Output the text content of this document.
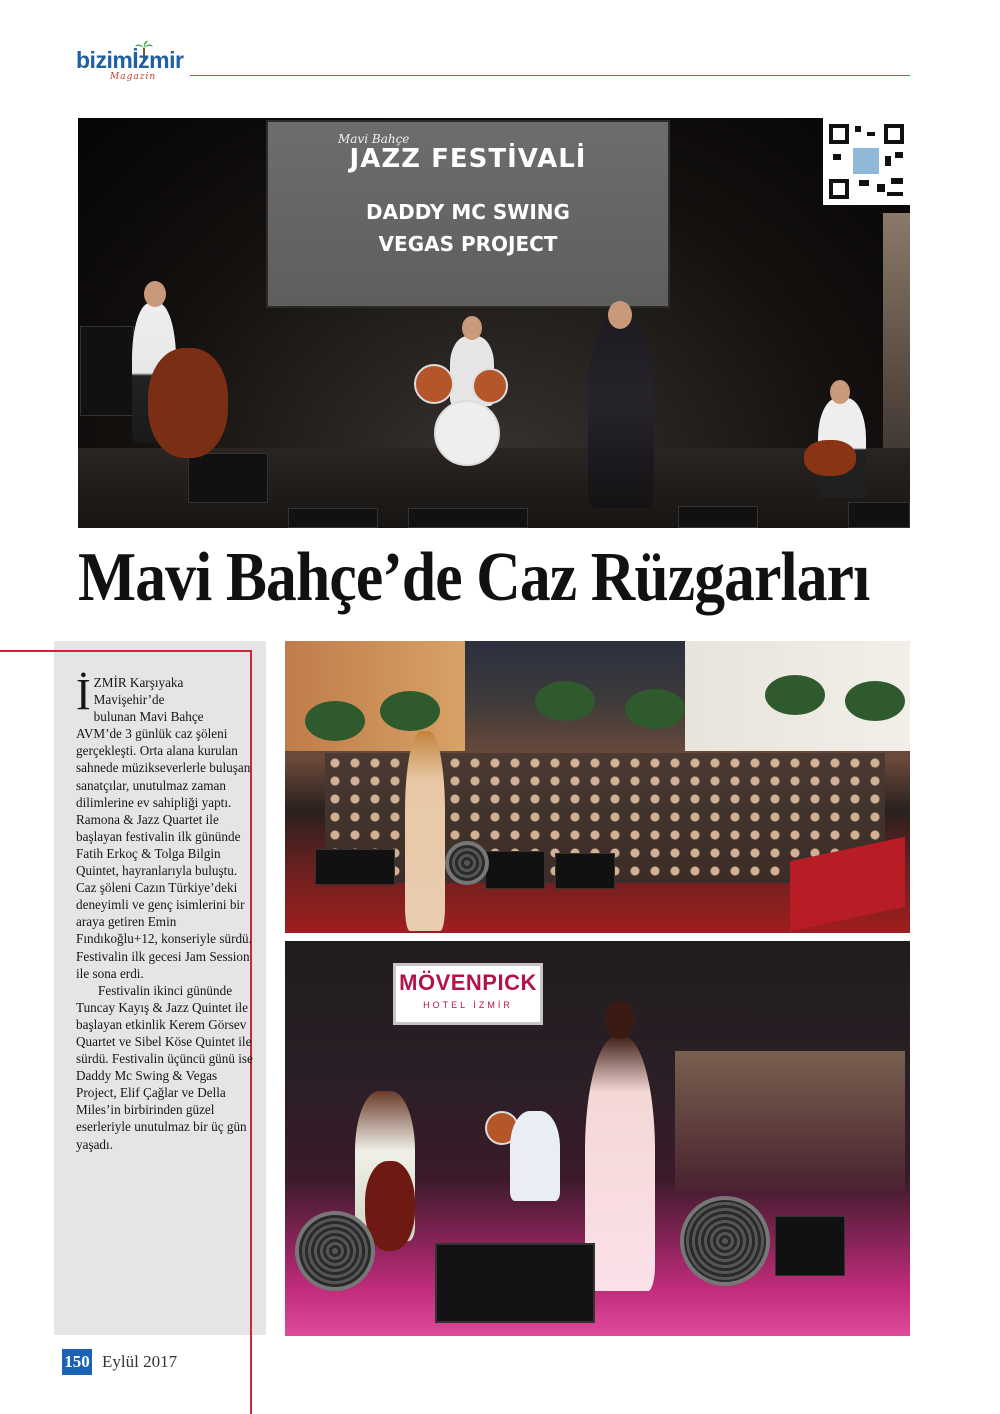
bizimİzmir
Magazin
Mavi Bahçe
JAZZ FESTİVALİ
DADDY MC SWING
VEGAS PROJECT
Mavi Bahçe’de Caz Rüzgarları

İ ZMİR Karşıyaka
Mavişehir’de
bulunan Mavi Bahçe
AVM’de 3 günlük caz şöleni gerçekleşti. Orta alana kurulan sahnede müzikseverlerle buluşan sanatçılar, unutulmaz zaman dilimlerine ev sahipliği yaptı. Ramona & Jazz Quartet ile başlayan festivalin ilk gününde Fatih Erkoç & Tolga Bilgin Quintet, hayranlarıyla buluştu. Caz şöleni Cazın Türkiye’deki deneyimli ve genç isimlerini bir araya getiren Emin Fındıkoğlu+12, konseriyle sürdü. Festivalin ilk gecesi Jam Session ile sona erdi.

Festivalin ikinci gününde Tuncay Kayış & Jazz Quintet ile başlayan etkinlik Kerem Görsev Quartet ve Sibel Köse Quintet ile sürdü. Festivalin üçüncü günü ise Daddy Mc Swing & Vegas Project, Elif Çağlar ve Della Miles’in birbirinden güzel eserleriyle unutulmaz bir üç gün yaşadı.

MÖVENPICK
HOTEL İZMİR
150 Eylül 2017
